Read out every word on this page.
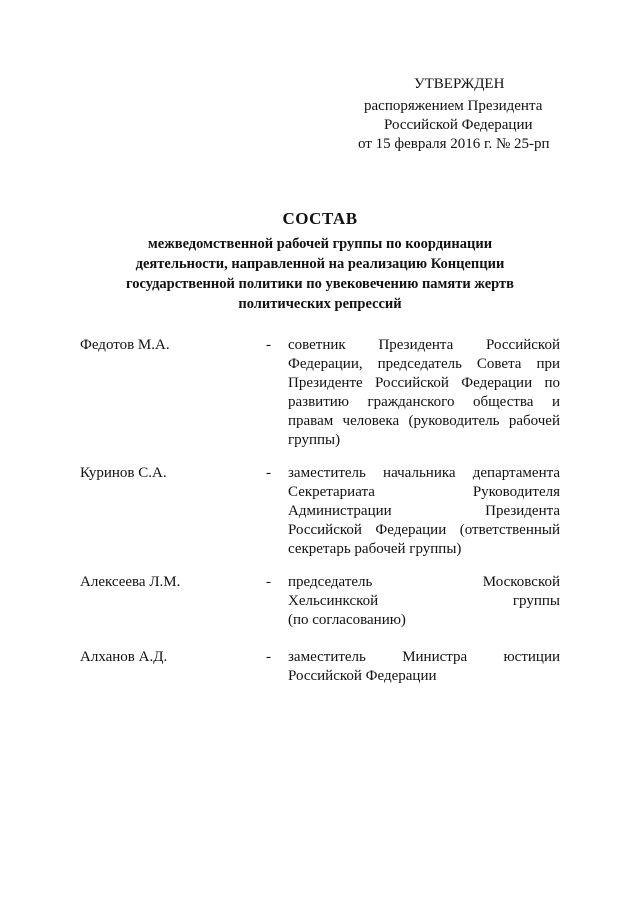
УТВЕРЖДЕН
распоряжением Президента
Российской Федерации
от 15 февраля 2016 г. № 25-рп
СОСТАВ
межведомственной рабочей группы по координации
деятельности, направленной на реализацию Концепции
государственной политики по увековечению памяти жертв
политических репрессий
Федотов М.А.	- советник Президента Российской
Федерации, председатель Совета при
Президенте Российской Федерации по
развитию гражданского общества и
правам человека (руководитель рабочей
группы)
Куринов С.А.	- заместитель начальника департамента
Секретариата Руководителя
Администрации Президента
Российской Федерации (ответственный
секретарь рабочей группы)
Алексеева Л.М.	- председатель Московской
Хельсинкской группы
(по согласованию)
Алханов А.Д.	- заместитель Министра юстиции
Российской Федерации
